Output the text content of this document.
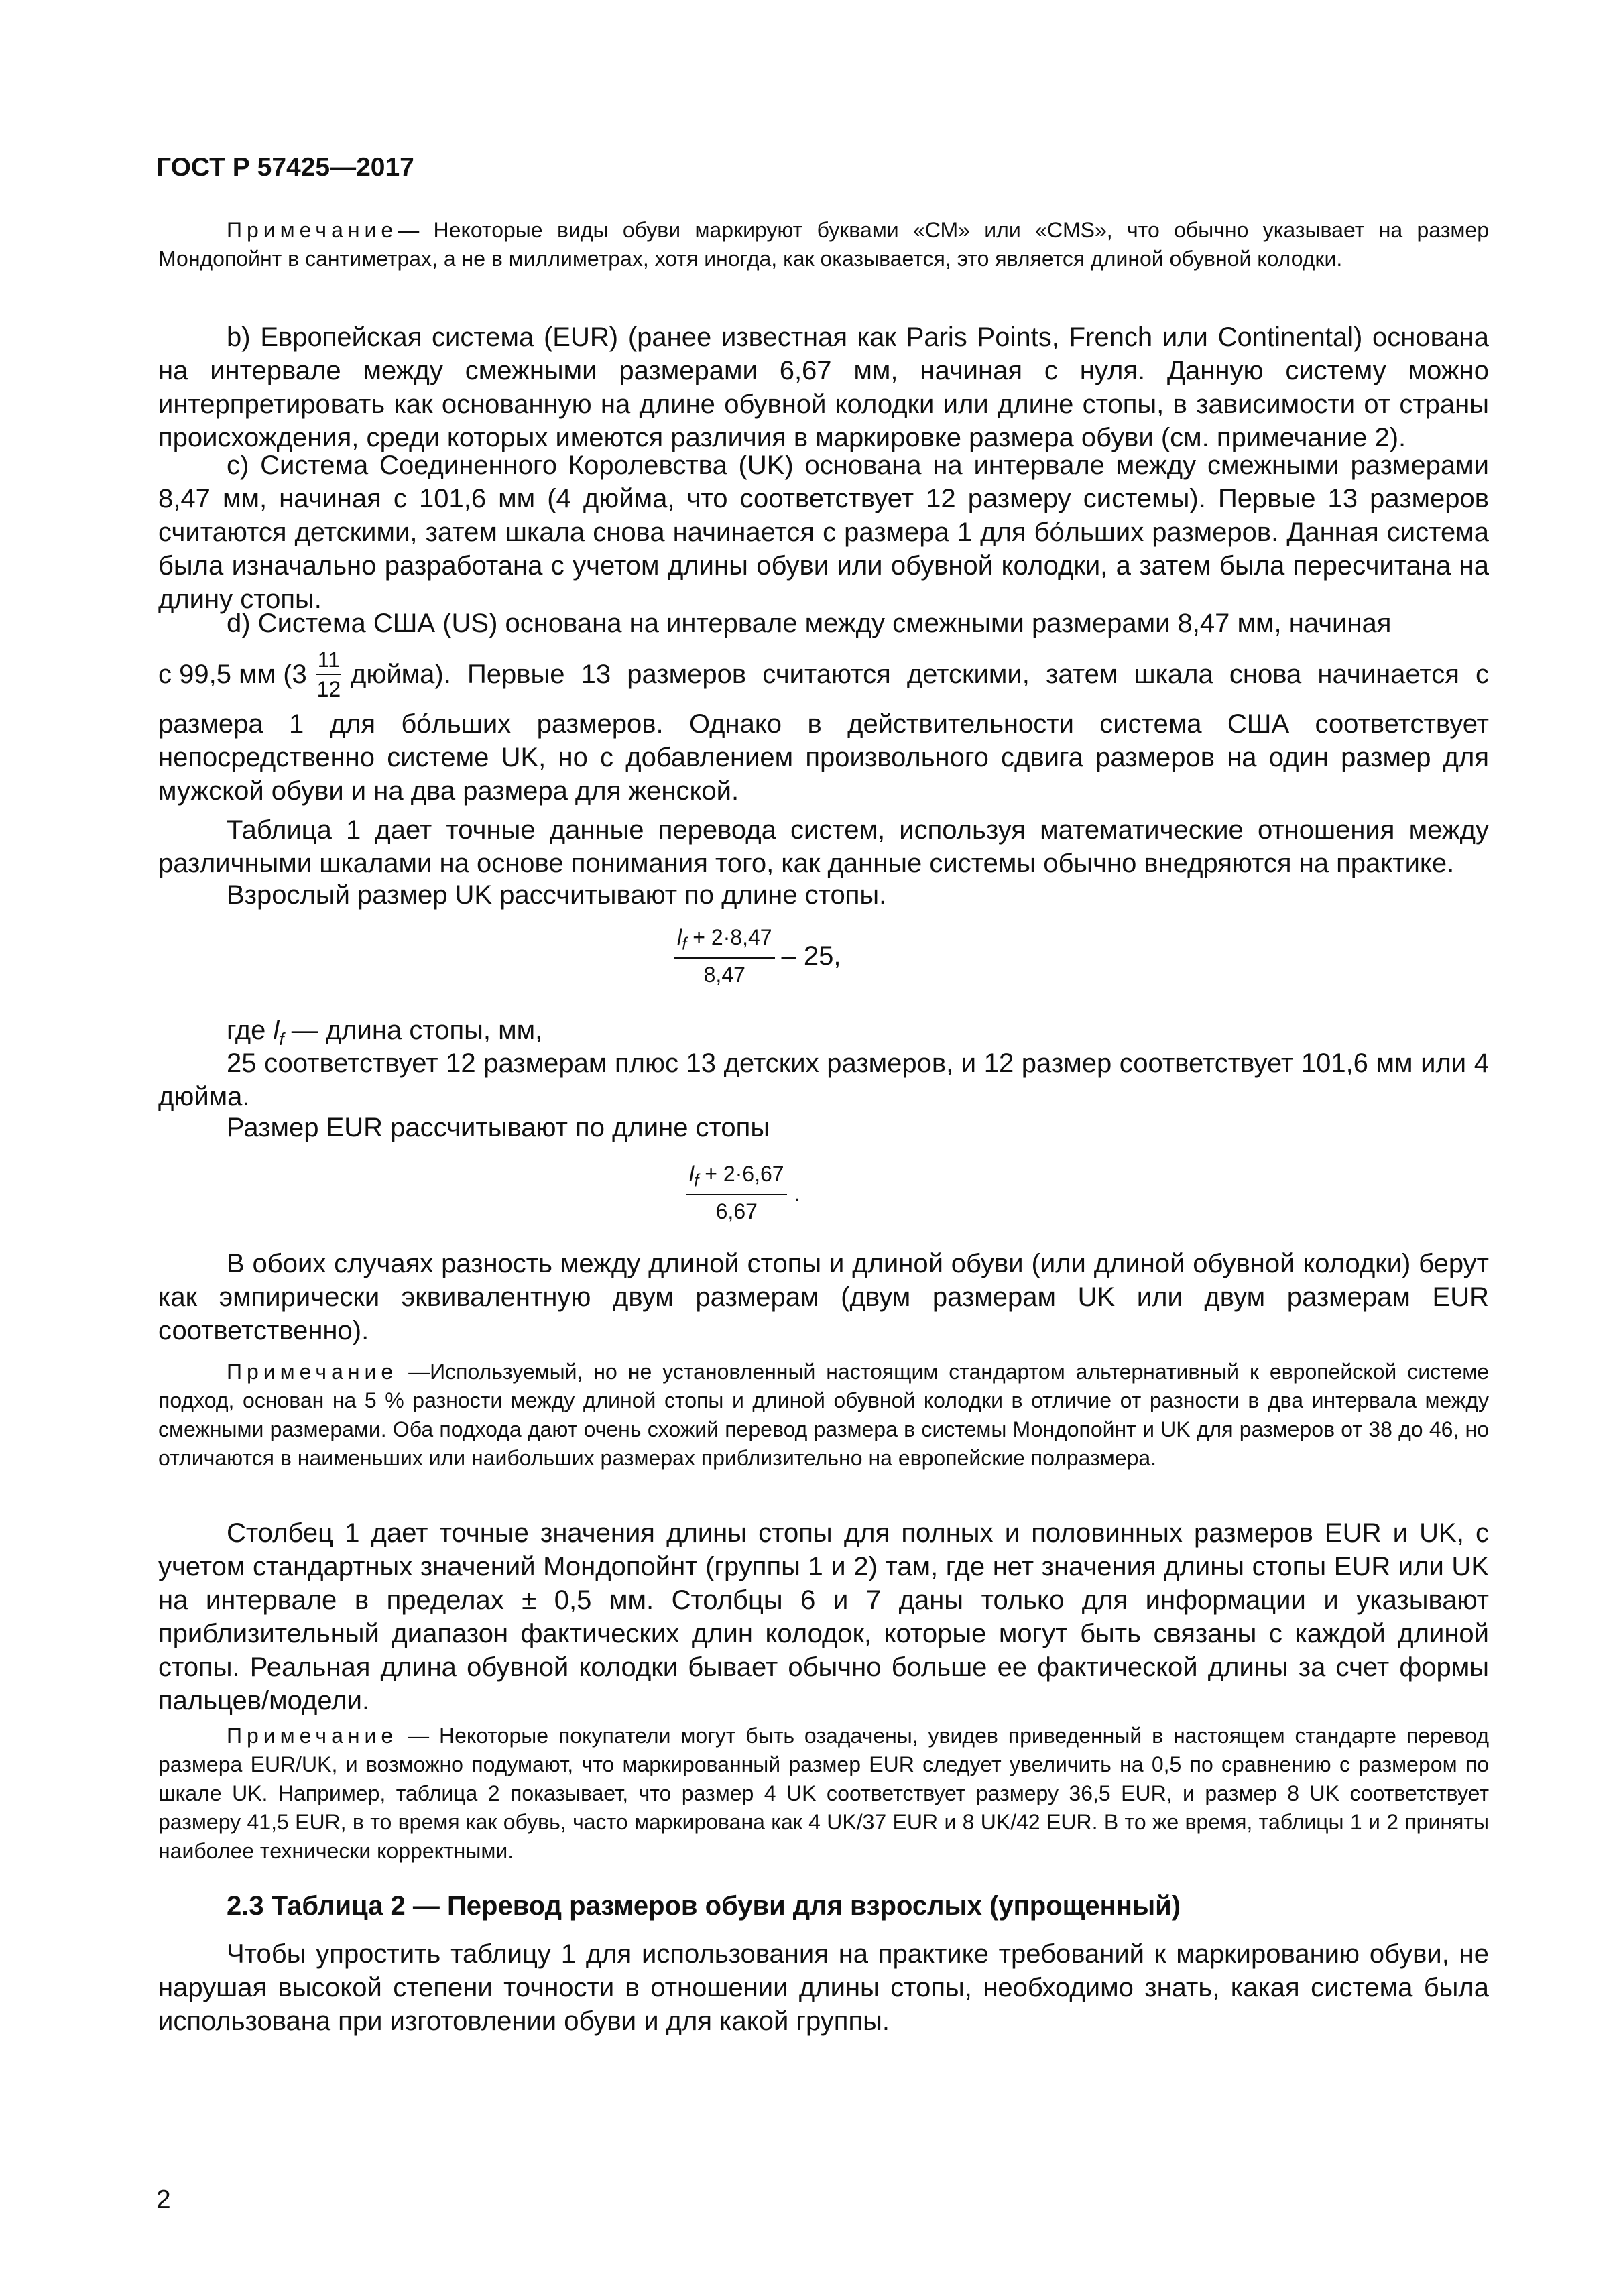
ГОСТ Р 57425—2017

Примечание— Некоторые виды обуви маркируют буквами «СМ» или «CMS», что обычно указывает на размер Мондопойнт в сантиметрах, а не в миллиметрах, хотя иногда, как оказывается, это является длиной обувной колодки.

b) Европейская система (EUR) (ранее известная как Paris Points, French или Continental) основана на интервале между смежными размерами 6,67 мм, начиная с нуля. Данную систему можно интерпретировать как основанную на длине обувной колодки или длине стопы, в зависимости от страны происхождения, среди которых имеются различия в маркировке размера обуви (см. примечание 2).

c) Система Соединенного Королевства (UK) основана на интервале между смежными размерами 8,47 мм, начиная с 101,6 мм (4 дюйма, что соответствует 12 размеру системы). Первые 13 размеров считаются детскими, затем шкала снова начинается с размера 1 для бо́льших размеров. Данная система была изначально разработана с учетом длины обуви или обувной колодки, а затем была пересчитана на длину стопы.

d) Система США (US) основана на интервале между смежными размерами 8,47 мм, начиная

с 99,5 мм ($3 \frac{11}{12}$ дюйма). Первые 13 размеров считаются детскими, затем шкала снова начинается с

размера 1 для бо́льших размеров. Однако в действительности система США соответствует непосредственно системе UK, но с добавлением произвольного сдвига размеров на один размер для мужской обуви и на два размера для женской.

Таблица 1 дает точные данные перевода систем, используя математические отношения между различными шкалами на основе понимания того, как данные системы обычно внедряются на практике.

Взрослый размер UK рассчитывают по длине стопы.

$\frac{l_f + 2\cdot 8,47}{8,47} - 25$,

где $l_f$ — длина стопы, мм,

25 соответствует 12 размерам плюс 13 детских размеров, и 12 размер соответствует 101,6 мм или 4 дюйма.

Размер EUR рассчитывают по длине стопы

$\frac{l_f + 2\cdot 6,67}{6,67}$ .

В обоих случаях разность между длиной стопы и длиной обуви (или длиной обувной колодки) берут как эмпирически эквивалентную двум размерам (двум размерам UK или двум размерам EUR соответственно).

Примечание —Используемый, но не установленный настоящим стандартом альтернативный к европейской системе подход, основан на 5 % разности между длиной стопы и длиной обувной колодки в отличие от разности в два интервала между смежными размерами. Оба подхода дают очень схожий перевод размера в системы Мондопойнт и UK для размеров от 38 до 46, но отличаются в наименьших или наибольших размерах приблизительно на европейские полразмера.

Столбец 1 дает точные значения длины стопы для полных и половинных размеров EUR и UK, с учетом стандартных значений Мондопойнт (группы 1 и 2) там, где нет значения длины стопы EUR или UK на интервале в пределах ± 0,5 мм. Столбцы 6 и 7 даны только для информации и указывают приблизительный диапазон фактических длин колодок, которые могут быть связаны с каждой длиной стопы. Реальная длина обувной колодки бывает обычно больше ее фактической длины за счет формы пальцев/модели.

Примечание — Некоторые покупатели могут быть озадачены, увидев приведенный в настоящем стандарте перевод размера EUR/UK, и возможно подумают, что маркированный размер EUR следует увеличить на 0,5 по сравнению с размером по шкале UK. Например, таблица 2 показывает, что размер 4 UK соответствует размеру 36,5 EUR, и размер 8 UK соответствует размеру 41,5 EUR, в то время как обувь, часто маркирована как 4 UK/37 EUR и 8 UK/42 EUR. В то же время, таблицы 1 и 2 приняты наиболее технически корректными.

2.3 Таблица 2 — Перевод размеров обуви для взрослых (упрощенный)

Чтобы упростить таблицу 1 для использования на практике требований к маркированию обуви, не нарушая высокой степени точности в отношении длины стопы, необходимо знать, какая система была использована при изготовлении обуви и для какой группы.

2
